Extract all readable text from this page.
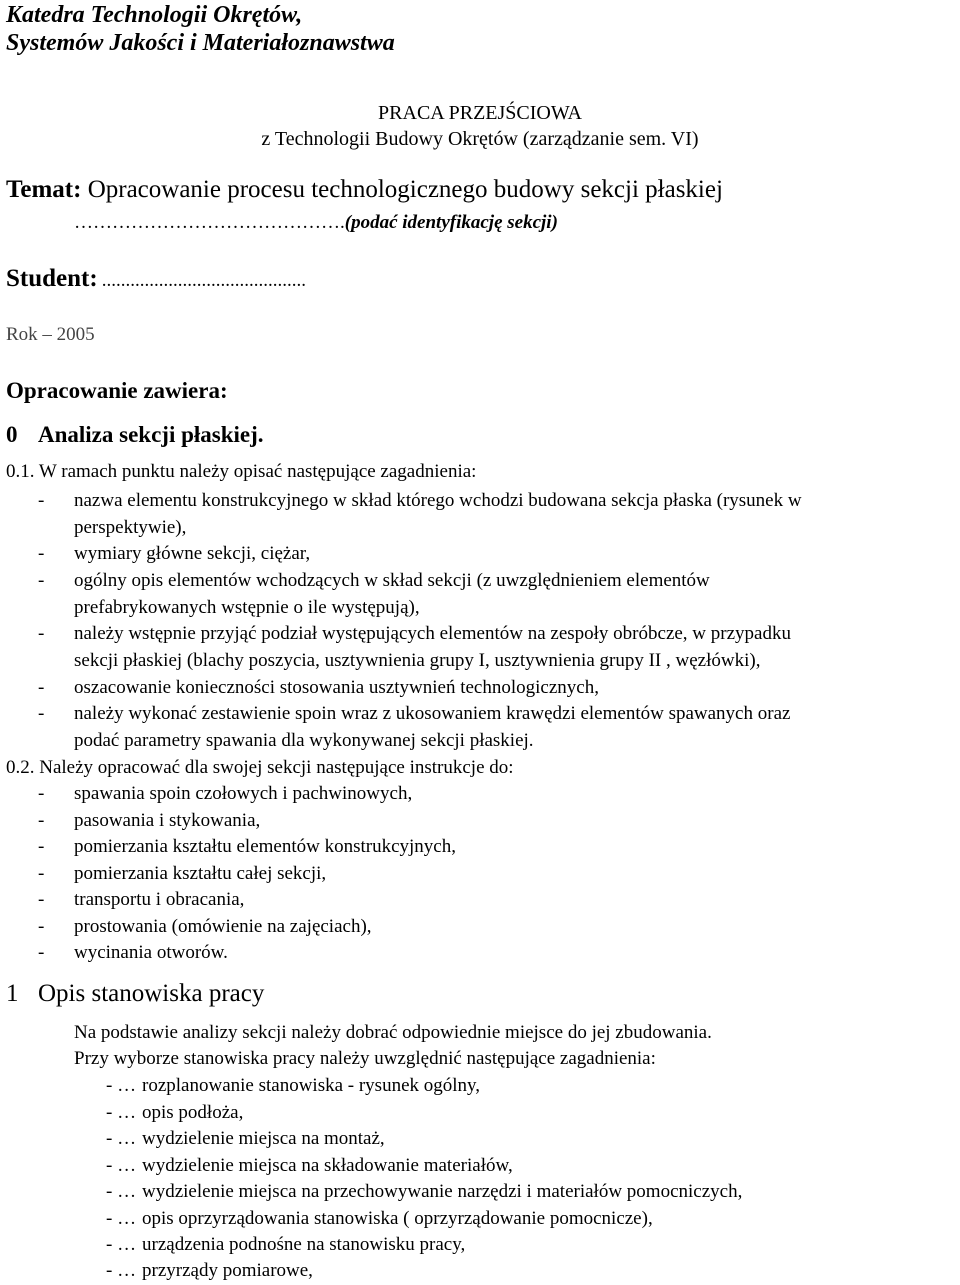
Katedra Technologii Okrętów,
Systemów Jakości i Materiałoznawstwa
PRACA PRZEJŚCIOWA
z Technologii Budowy Okrętów (zarządzanie sem. VI)
Temat: Opracowanie procesu technologicznego budowy sekcji płaskiej
…………………………………….(podać identyfikację sekcji)
Student: ...........................................
Rok – 2005
Opracowanie zawiera:
0 Analiza sekcji płaskiej.
0.1. W ramach punktu należy opisać następujące zagadnienia:
- nazwa elementu konstrukcyjnego w skład którego wchodzi budowana sekcja płaska (rysunek w
perspektywie),
- wymiary główne sekcji, ciężar,
- ogólny opis elementów wchodzących w skład sekcji (z uwzględnieniem elementów
prefabrykowanych wstępnie o ile występują),
- należy wstępnie przyjąć podział występujących elementów na zespoły obróbcze, w przypadku
sekcji płaskiej (blachy poszycia, usztywnienia grupy I, usztywnienia grupy II , węzłówki),
- oszacowanie konieczności stosowania usztywnień technologicznych,
- należy wykonać zestawienie spoin wraz z ukosowaniem krawędzi elementów spawanych oraz
podać parametry spawania dla wykonywanej sekcji płaskiej.
0.2. Należy opracować dla swojej sekcji następujące instrukcje do:
- spawania spoin czołowych i pachwinowych,
- pasowania i stykowania,
- pomierzania kształtu elementów konstrukcyjnych,
- pomierzania kształtu całej sekcji,
- transportu i obracania,
- prostowania (omówienie na zajęciach),
- wycinania otworów.
1 Opis stanowiska pracy
Na podstawie analizy sekcji należy dobrać odpowiednie miejsce do jej zbudowania.
Przy wyborze stanowiska pracy należy uwzględnić następujące zagadnienia:
- … rozplanowanie stanowiska - rysunek ogólny,
- … opis podłoża,
- … wydzielenie miejsca na montaż,
- … wydzielenie miejsca na składowanie materiałów,
- … wydzielenie miejsca na przechowywanie narzędzi i materiałów pomocniczych,
- … opis oprzyrządowania stanowiska ( oprzyrządowanie pomocnicze),
- … urządzenia podnośne na stanowisku pracy,
- … przyrządy pomiarowe,
